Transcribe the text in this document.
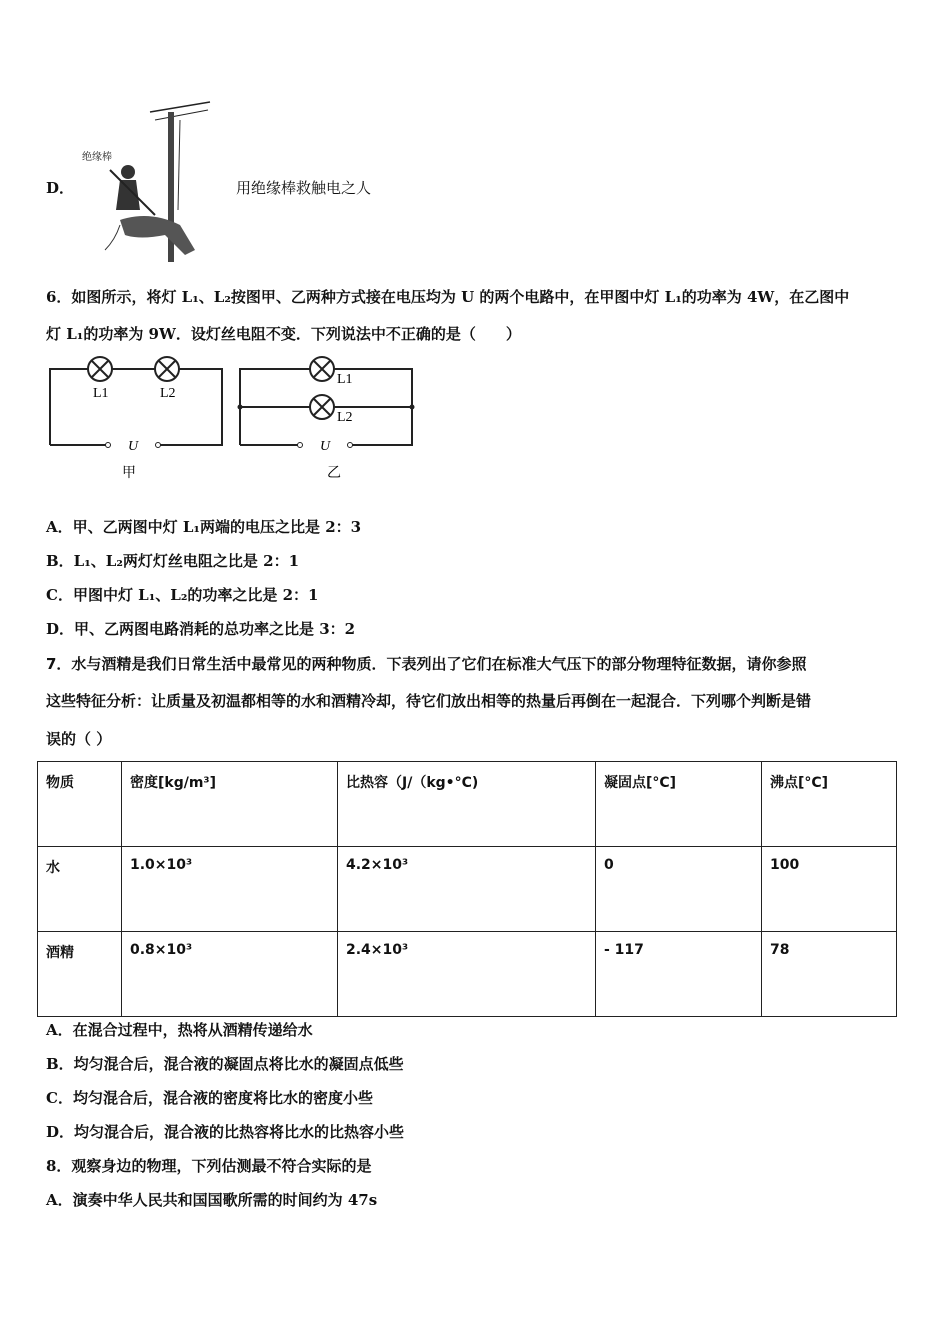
D．
绝缘棒
用绝缘棒救触电之人
6．如图所示，将灯 L₁、L₂按图甲、乙两种方式接在电压均为 U 的两个电路中，在甲图中灯 L₁的功率为 4W，在乙图中
灯 L₁的功率为 9W．设灯丝电阻不变．下列说法中不正确的是（　　）
L1	L2
U
甲
L1
L2
U
乙
A．甲、乙两图中灯 L₁两端的电压之比是 2：3
B．L₁、L₂两灯灯丝电阻之比是 2：1
C．甲图中灯 L₁、L₂的功率之比是 2：1
D．甲、乙两图电路消耗的总功率之比是 3：2
7．水与酒精是我们日常生活中最常见的两种物质．下表列出了它们在标准大气压下的部分物理特征数据，请你参照
这些特征分析：让质量及初温都相等的水和酒精冷却，待它们放出相等的热量后再倒在一起混合．下列哪个判断是错
误的（ ）
物质	密度[kg/m³]	比热容（J/（kg•°C)	凝固点[°C]	沸点[°C]
水	1.0×10³	4.2×10³	0	100
酒精	0.8×10³	2.4×10³	- 117	78
A．在混合过程中，热将从酒精传递给水
B．均匀混合后，混合液的凝固点将比水的凝固点低些
C．均匀混合后，混合液的密度将比水的密度小些
D．均匀混合后，混合液的比热容将比水的比热容小些
8．观察身边的物理，下列估测最不符合实际的是
A．演奏中华人民共和国国歌所需的时间约为 47s
